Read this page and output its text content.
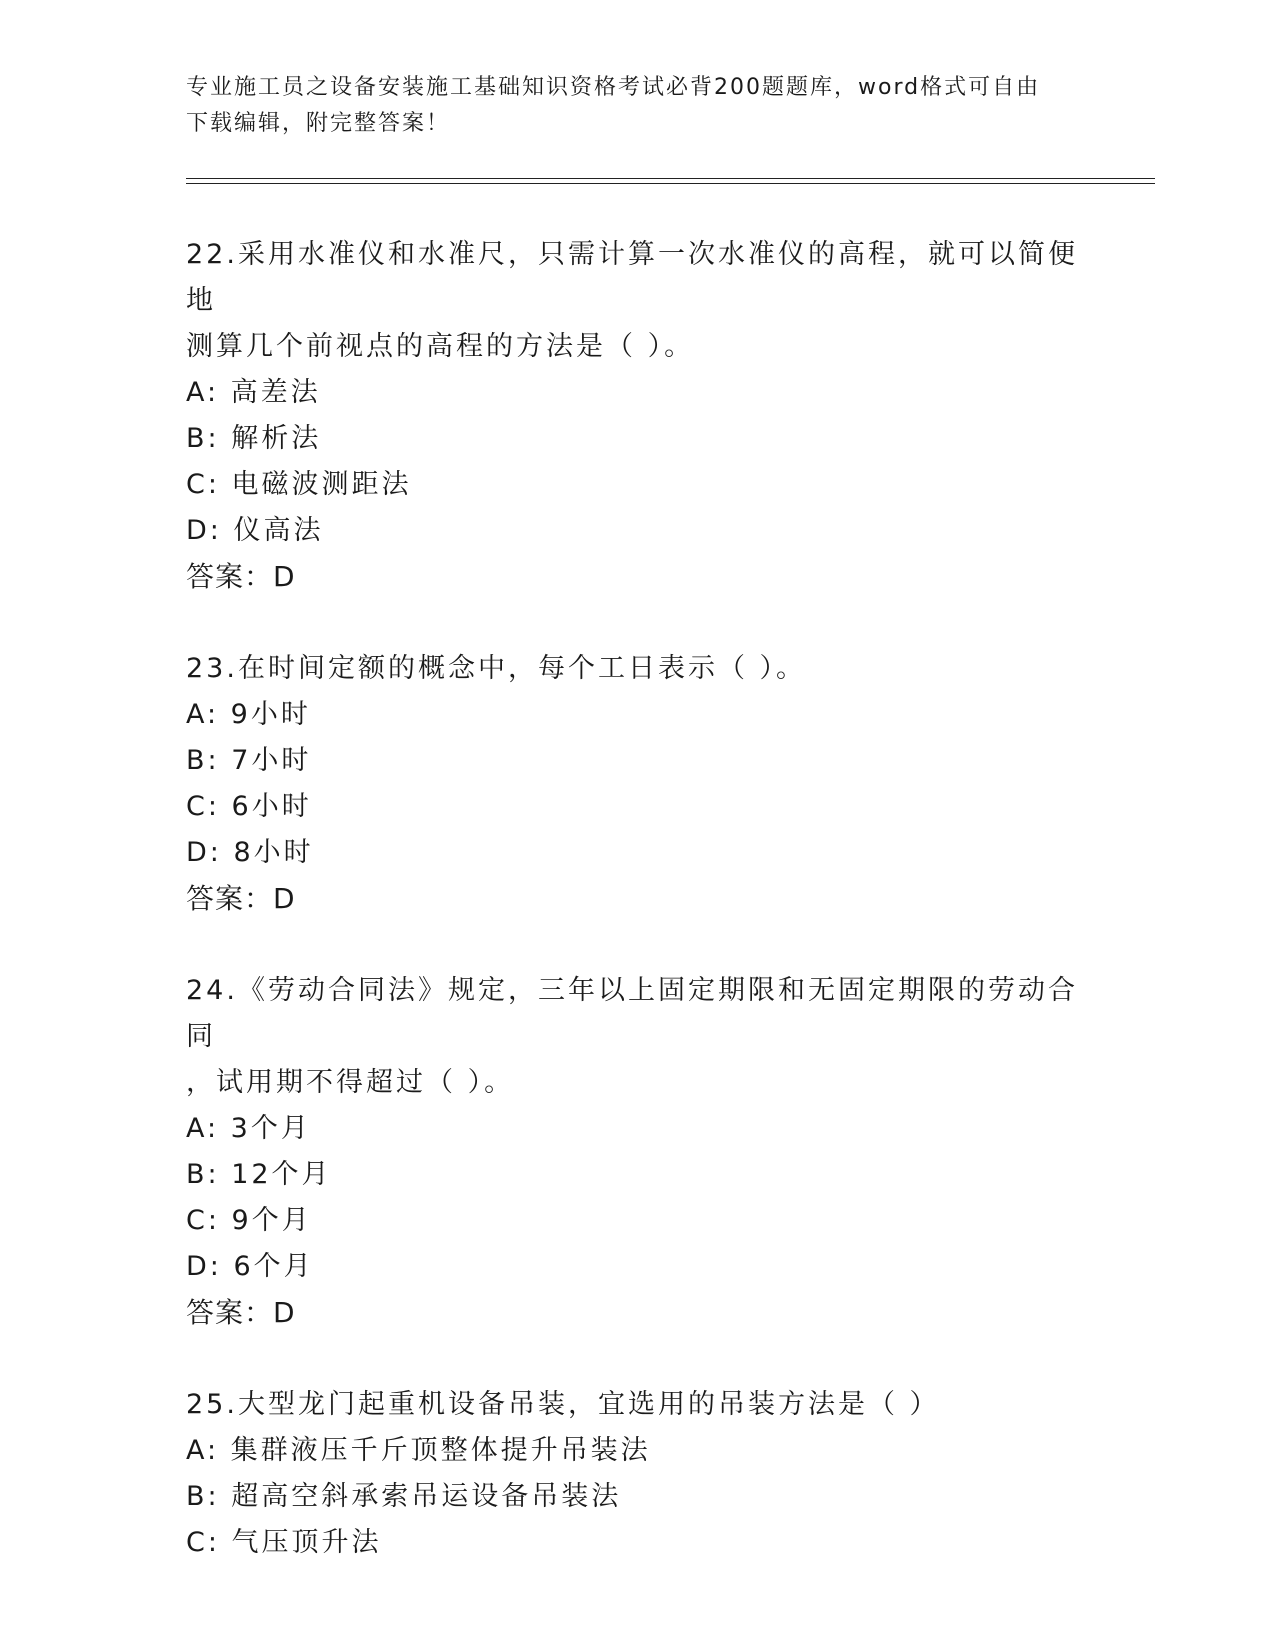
专业施工员之设备安装施工基础知识资格考试必背200题题库，word格式可自由
下载编辑，附完整答案！
22.采用水准仪和水准尺，只需计算一次水准仪的高程，就可以简便地
测算几个前视点的高程的方法是（ ）。
A: 高差法
B: 解析法
C: 电磁波测距法
D: 仪高法
答案：D
23.在时间定额的概念中，每个工日表示（ ）。
A: 9小时
B: 7小时
C: 6小时
D: 8小时
答案：D
24.《劳动合同法》规定，三年以上固定期限和无固定期限的劳动合同
，试用期不得超过（ ）。
A: 3个月
B: 12个月
C: 9个月
D: 6个月
答案：D
25.大型龙门起重机设备吊装，宜选用的吊装方法是（ ）
A: 集群液压千斤顶整体提升吊装法
B: 超高空斜承索吊运设备吊装法
C: 气压顶升法
